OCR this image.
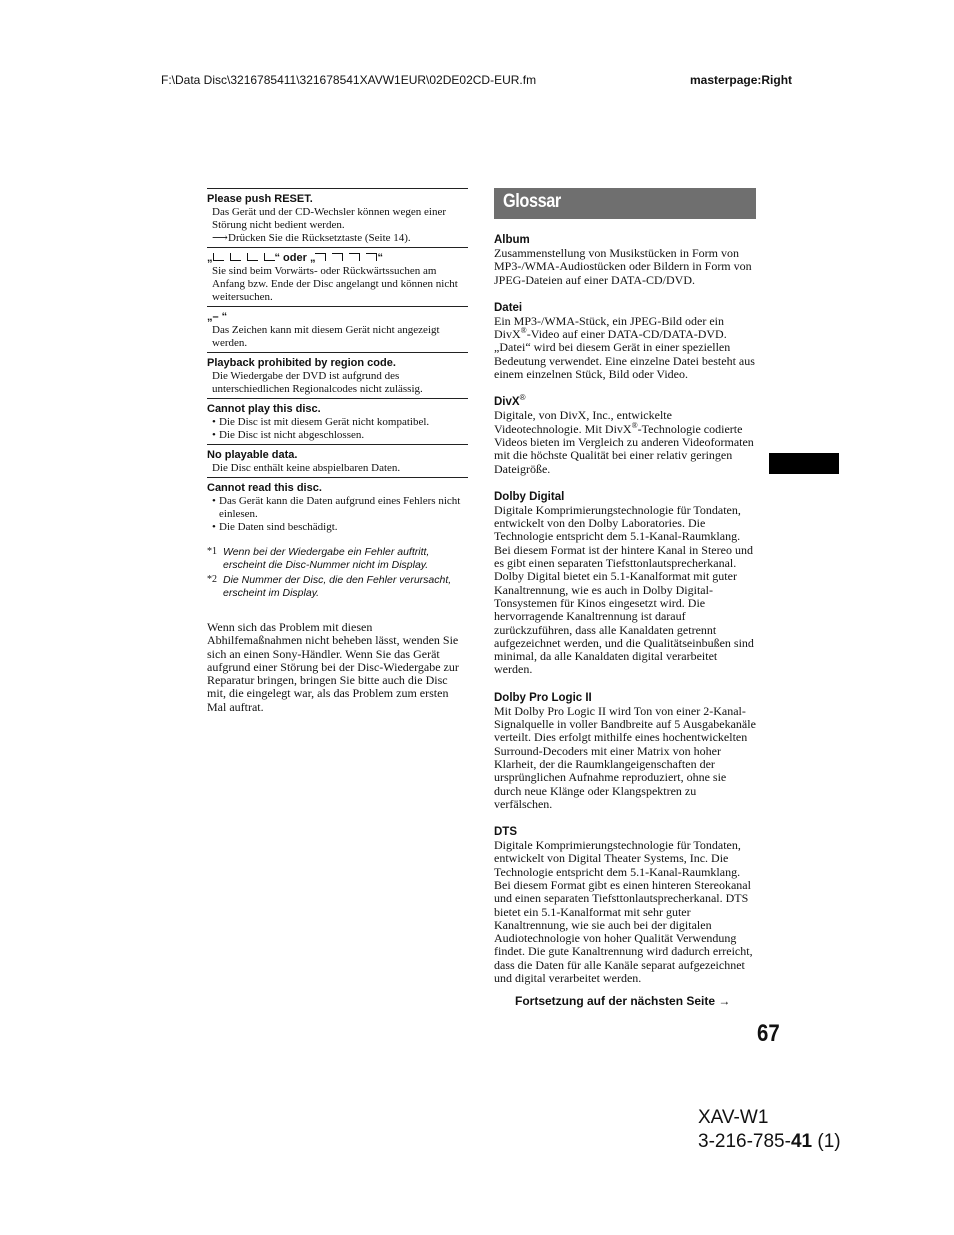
F:\Data Disc\3216785411\321678541XAVW1EUR\02DE02CD-EUR.fm	masterpage:Right
Please push RESET.
Das Gerät und der CD-Wechsler können wegen einer Störung nicht bedient werden.
⟶Drücken Sie die Rücksetztaste (Seite 14).
„	“ oder „	“
Sie sind beim Vorwärts- oder Rückwärtssuchen am Anfang bzw. Ende der Disc angelangt und können nicht weitersuchen.
„– “
Das Zeichen kann mit diesem Gerät nicht angezeigt werden.
Playback prohibited by region code.
Die Wiedergabe der DVD ist aufgrund des unterschiedlichen Regionalcodes nicht zulässig.
Cannot play this disc.
• Die Disc ist mit diesem Gerät nicht kompatibel.
• Die Disc ist nicht abgeschlossen.
No playable data.
Die Disc enthält keine abspielbaren Daten.
Cannot read this disc.
• Das Gerät kann die Daten aufgrund eines Fehlers nicht einlesen.
• Die Daten sind beschädigt.
*1 Wenn bei der Wiedergabe ein Fehler auftritt, erscheint die Disc-Nummer nicht im Display.
*2 Die Nummer der Disc, die den Fehler verursacht, erscheint im Display.
Wenn sich das Problem mit diesen Abhilfemaßnahmen nicht beheben lässt, wenden Sie sich an einen Sony-Händler. Wenn Sie das Gerät aufgrund einer Störung bei der Disc-Wiedergabe zur Reparatur bringen, bringen Sie bitte auch die Disc mit, die eingelegt war, als das Problem zum ersten Mal auftrat.
Glossar
Album
Zusammenstellung von Musikstücken in Form von MP3-/WMA-Audiostücken oder Bildern in Form von JPEG-Dateien auf einer DATA-CD/DVD.
Datei
Ein MP3-/WMA-Stück, ein JPEG-Bild oder ein DivX®-Video auf einer DATA-CD/DATA-DVD. „Datei“ wird bei diesem Gerät in einer speziellen Bedeutung verwendet. Eine einzelne Datei besteht aus einem einzelnen Stück, Bild oder Video.
DivX®
Digitale, von DivX, Inc., entwickelte Videotechnologie. Mit DivX®-Technologie codierte Videos bieten im Vergleich zu anderen Videoformaten mit die höchste Qualität bei einer relativ geringen Dateigröße.
Dolby Digital
Digitale Komprimierungstechnologie für Tondaten, entwickelt von den Dolby Laboratories. Die Technologie entspricht dem 5.1-Kanal-Raumklang. Bei diesem Format ist der hintere Kanal in Stereo und es gibt einen separaten Tiefsttonlautsprecherkanal. Dolby Digital bietet ein 5.1-Kanalformat mit guter Kanaltrennung, wie es auch in Dolby Digital-Tonsystemen für Kinos eingesetzt wird. Die hervorragende Kanaltrennung ist darauf zurückzuführen, dass alle Kanaldaten getrennt aufgezeichnet werden, und die Qualitätseinbußen sind minimal, da alle Kanaldaten digital verarbeitet werden.
Dolby Pro Logic II
Mit Dolby Pro Logic II wird Ton von einer 2-Kanal-Signalquelle in voller Bandbreite auf 5 Ausgabekanäle verteilt. Dies erfolgt mithilfe eines hochentwickelten Surround-Decoders mit einer Matrix von hoher Klarheit, der die Raumklangeigenschaften der ursprünglichen Aufnahme reproduziert, ohne sie durch neue Klänge oder Klangspektren zu verfälschen.
DTS
Digitale Komprimierungstechnologie für Tondaten, entwickelt von Digital Theater Systems, Inc. Die Technologie entspricht dem 5.1-Kanal-Raumklang. Bei diesem Format gibt es einen hinteren Stereokanal und einen separaten Tiefsttonlautsprecherkanal. DTS bietet ein 5.1-Kanalformat mit sehr guter Kanaltrennung, wie sie auch bei der digitalen Audiotechnologie von hoher Qualität Verwendung findet. Die gute Kanaltrennung wird dadurch erreicht, dass die Daten für alle Kanäle separat aufgezeichnet und digital verarbeitet werden.
Fortsetzung auf der nächsten Seite →
67
XAV-W1
3-216-785-41 (1)
